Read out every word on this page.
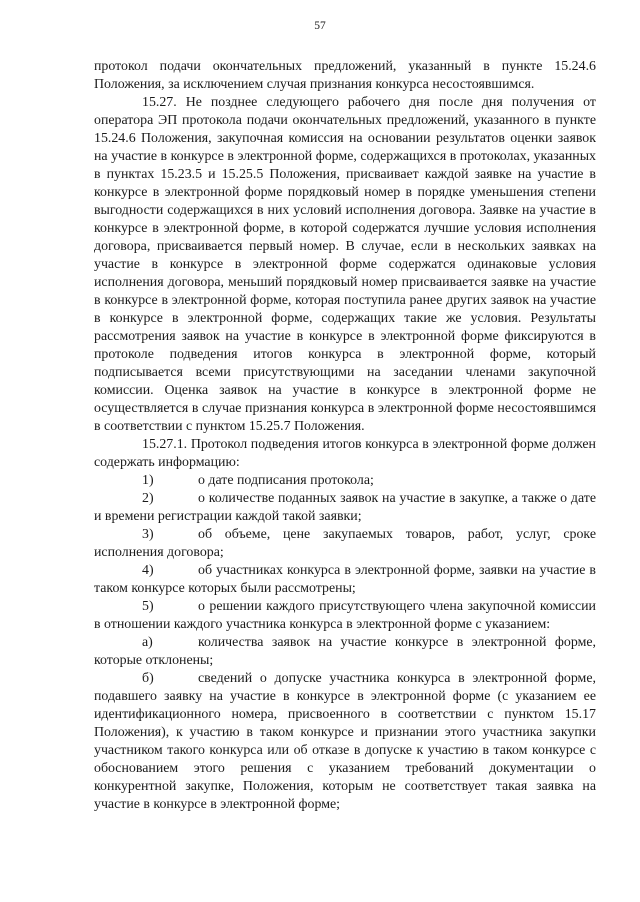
57

протокол подачи окончательных предложений, указанный в пункте 15.24.6 Положения, за исключением случая признания конкурса несостоявшимся.

15.27. Не позднее следующего рабочего дня после дня получения от оператора ЭП протокола подачи окончательных предложений, указанного в пункте 15.24.6 Положения, закупочная комиссия на основании результатов оценки заявок на участие в конкурсе в электронной форме, содержащихся в протоколах, указанных в пунктах 15.23.5 и 15.25.5 Положения, присваивает каждой заявке на участие в конкурсе в электронной форме порядковый номер в порядке уменьшения степени выгодности содержащихся в них условий исполнения договора. Заявке на участие в конкурсе в электронной форме, в которой содержатся лучшие условия исполнения договора, присваивается первый номер. В случае, если в нескольких заявках на участие в конкурсе в электронной форме содержатся одинаковые условия исполнения договора, меньший порядковый номер присваивается заявке на участие в конкурсе в электронной форме, которая поступила ранее других заявок на участие в конкурсе в электронной форме, содержащих такие же условия. Результаты рассмотрения заявок на участие в конкурсе в электронной форме фиксируются в протоколе подведения итогов конкурса в электронной форме, который подписывается всеми присутствующими на заседании членами закупочной комиссии. Оценка заявок на участие в конкурсе в электронной форме не осуществляется в случае признания конкурса в электронной форме несостоявшимся в соответствии с пунктом 15.25.7 Положения.

15.27.1. Протокол подведения итогов конкурса в электронной форме должен содержать информацию:

1)	о дате подписания протокола;
2)	о количестве поданных заявок на участие в закупке, а также о дате и времени регистрации каждой такой заявки;
3)	об объеме, цене закупаемых товаров, работ, услуг, сроке исполнения договора;
4)	об участниках конкурса в электронной форме, заявки на участие в таком конкурсе которых были рассмотрены;
5)	о решении каждого присутствующего члена закупочной комиссии в отношении каждого участника конкурса в электронной форме с указанием:
а)	количества заявок на участие конкурсе в электронной форме, которые отклонены;
б)	сведений о допуске участника конкурса в электронной форме, подавшего заявку на участие в конкурсе в электронной форме (с указанием ее идентификационного номера, присвоенного в соответствии с пунктом 15.17 Положения), к участию в таком конкурсе и признании этого участника закупки участником такого конкурса или об отказе в допуске к участию в таком конкурсе с обоснованием этого решения с указанием требований документации о конкурентной закупке, Положения, которым не соответствует такая заявка на участие в конкурсе в электронной форме;
